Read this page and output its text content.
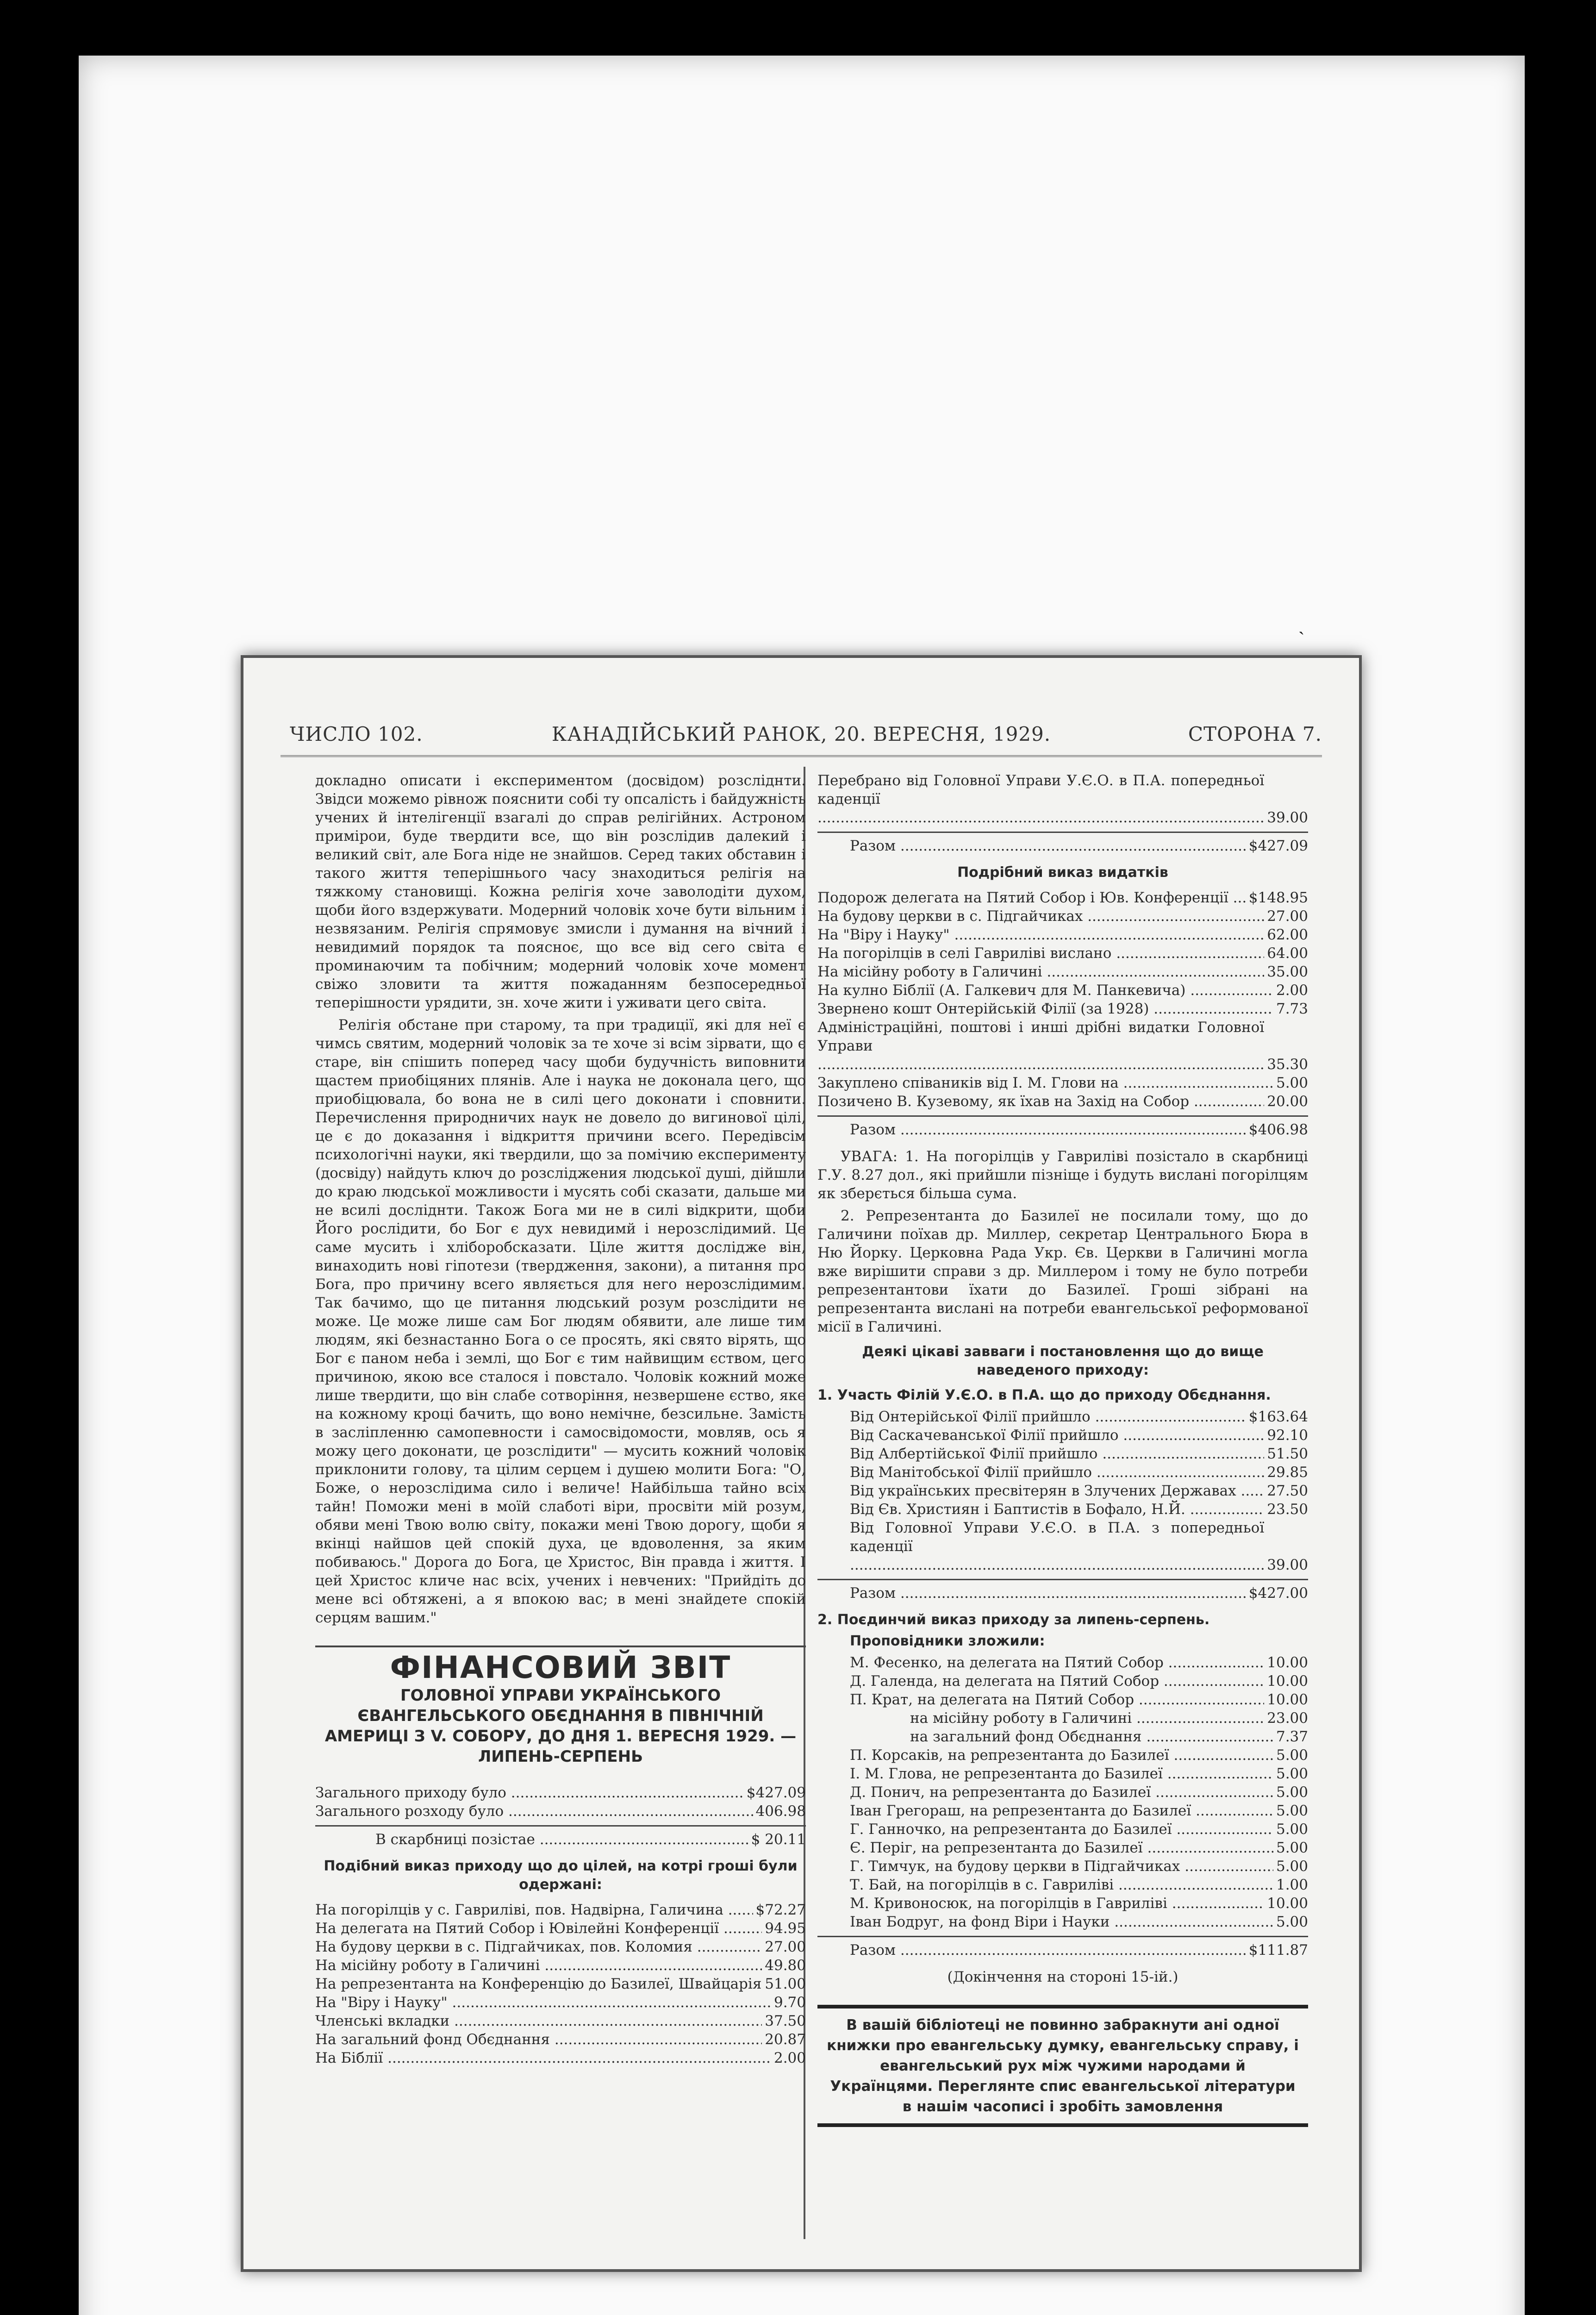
ЧИСЛО 102.	КАНАДІЙСЬКИЙ РАНОК, 20. ВЕРЕСНЯ, 1929.	СТОРОНА 7.

докладно описати і експериментом (досвідом) розсліднти. Звідси можемо рівнож пояснити собі ту опсалість і байдужність учених й інтелігенції взагалі до справ релігійних. Астроном примірои, буде твердити все, що він розслідив далекий і великий світ, але Бога ніде не знайшов. Серед таких обставин і такого життя теперішнього часу знаходиться релігія на тяжкому становищі. Кожна релігія хоче заволодіти духом, щоби його вздержувати. Модерний чоловік хоче бути вільним і незвязаним. Релігія спрямовує змисли і думання на вічний і невидимий порядок та поясноє, що все від сего світа є проминаючим та побічним; модерний чоловік хоче момент свіжо зловити та життя пожаданням безпосередньої теперішности урядити, зн. хоче жити і уживати цего світа.

Релігія обстане при старому, та при традиції, які для неї є чимсь святим, модерний чоловік за те хоче зі всім зірвати, що є старе, він спішить поперед часу щоби будучність виповнити щастем приобіцяних плянів. Але і наука не доконала цего, що приобіцювала, бо вона не в силі цего доконати і сповнити. Перечислення природничих наук не довело до вигинової цілі, це є до доказання і відкриття причини всего. Передівсім психологічні науки, які твердили, що за помічию експерименту (досвіду) найдуть ключ до розсліджения людської душі, дійшли до краю людської можливости і мусять собі сказати, дальше ми не всилі досліднти. Також Бога ми не в силі відкрити, щоби Його рослідити, бо Бог є дух невидимй і нерозслідимий. Це саме мусить і хліборобсказати. Ціле життя дослідже він, винаходить нові гіпотези (твердження, закони), а питання про Бога, про причину всего являється для него нерозслідимим. Так бачимо, що це питання людський розум розслідити не може. Це може лише сам Бог людям обявити, але лише тим людям, які безнастанно Бога о се просять, які свято вірять, що Бог є паном неба і землі, що Бог є тим найвищим єством, цего причиною, якою все сталося і повстало. Чоловік кожний може лише твердити, що він слабе сотворіння, незвершене єство, яке на кожному кроці бачить, що воно немічне, безсильне. Замість в засліпленню самопевности і самосвідомости, мовляв, ось я можу цего доконати, це розслідити" — мусить кожний чоловік приклонити голову, та цілим серцем і душею молити Бога: "О, Боже, о нерозслідима сило і величе! Найбільша тайно всіх тайн! Поможи мені в моїй слаботі віри, просвіти мій розум, обяви мені Твою волю світу, покажи мені Твою дорогу, щоби я вкінці найшов цей спокій духа, це вдоволення, за яким побиваюсь." Дорога до Бога, це Христос, Він правда і життя. І цей Христос кличе нас всіх, учених і невчених: "Прийдіть до мене всі обтяжені, а я впокою вас; в мені знайдете спокій серцям вашим."

ФІНАНСОВИЙ ЗВІТ
ГОЛОВНОЇ УПРАВИ УКРАЇНСЬКОГО ЄВАНГЕЛЬСЬКОГО ОБЄДНАННЯ В ПІВНІЧНІЙ АМЕРИЦІ З V. СОБОРУ, ДО ДНЯ 1. ВЕРЕСНЯ 1929. — ЛИПЕНЬ-СЕРПЕНЬ
Загального приходу було .....	$427.09
Загального розходу було .....	406.98
В скарбниці позістае .....	$ 20.11
Подібний виказ приходу що до цілей, на котрі гроші були одержані:
На погорілців у с. Гавриліві, пов. Надвірна, Галичина .....	$72.27
На делегата на Пятий Собор і Ювілейні Конференції .....	94.95
На будову церкви в с. Підгайчиках, пов. Коломия .....	27.00
На місійну роботу в Галичині .....	49.80
На репрезентанта на Конференцію до Базилеї, Швайцарія ..... 51.00
На "Віру і Науку" .....	9.70
Членські вкладки .....	37.50
На загальний фонд Обєднання .....	20.87
На Біблії .....	2.00
Перебрано від Головної Управи У.Є.О. в П.А. попередньої каденції .....
39.00
Разом .....	$427.09
Подрібний виказ видатків
Подорож делегата на Пятий Собор і Юв. Конференції .....	$148.95
На будову церкви в с. Підгайчиках .....	27.00
На "Віру і Науку" .....	62.00
На погорілців в селі Гавриліві вислано .....	64.00
На місійну роботу в Галичині .....	35.00
На кулно Біблії (А. Галкевич для М. Панкевича) .....	2.00
Звернено кошт Онтерійській Філії (за 1928) .....	7.73
Адміністраційні, поштові і инші дрібні видатки Головної Управи .....
35.30
Закуплено співаників від І. М. Глови на .....	5.00
Позичено В. Кузевому, як їхав на Захід на Собор .....	20.00
Разом .....	$406.98

УВАГА: 1. На погорілців у Гавриліві позістало в скарбниці Г.У. 8.27 дол., які прийшли пізніще і будуть вислані погорілцям як зберється більша сума.

2. Репрезентанта до Базилеї не посилали тому, що до Галичини поїхав др. Миллер, секретар Центрального Бюра в Ню Йорку. Церковна Рада Укр. Єв. Церкви в Галичині могла вже вирішити справи з др. Миллером і тому не було потреби репрезентантови їхати до Базилеї. Гроші зібрані на репрезентанта вислані на потреби евангельської реформованої місії в Галичині.

Деякі цікаві завваги і постановлення що до вище наведеного приходу:
1. Участь Філій У.Є.О. в П.А. що до приходу Обєднання.
Від Онтерійської Філії прийшло .....	$163.64
Від Саскачеванської Філії прийшло .....	92.10
Від Албертійської Філії прийшло .....	51.50
Від Манітобської Філії прийшло .....	29.85
Від українських пресвітерян в Злучених Державах .....	27.50
Від Єв. Християн і Баптистів в Бофало, Н.Й. .....	23.50
Від Головної Управи У.Є.О. в П.А. з попередньої каденції .....
39.00
Разом .....	$427.00
2. Поєдинчий виказ приходу за липень-серпень.
Проповідники зложили:
М. Фесенко, на делегата на Пятий Собор .....	10.00
Д. Галенда, на делегата на Пятий Собор .....	10.00
П. Крат, на делегата на Пятий Собор .....	10.00
на місійну роботу в Галичині .....	23.00
на загальний фонд Обєднання .....	7.37
П. Корсаків, на репрезентанта до Базилеї .....	5.00
І. М. Глова, не репрезентанта до Базилеї .....	5.00
Д. Понич, на репрезентанта до Базилеї .....	5.00
Іван Грегораш, на репрезентанта до Базилеї .....	5.00
Г. Ганночко, на репрезентанта до Базилеї .....	5.00
Є. Періг, на репрезентанта до Базилеї .....	5.00
Г. Тимчук, на будову церкви в Підгайчиках .....	5.00
Т. Бай, на погорілців в с. Гавриліві .....	1.00
М. Кривоносюк, на погорілців в Гавриліві .....	10.00
Іван Бодруг, на фонд Віри і Науки .....	5.00
Разом .....	$111.87
(Докінчення на стороні 15-ій.)
В вашій бібліотеці не повинно забракнути ані одної книжки про евангельську думку, евангельську справу, і евангельський рух між чужими народами й Українцями. Переглянте спис евангельської літератури в нашім часописі і зробіть замовлення
ˎ
